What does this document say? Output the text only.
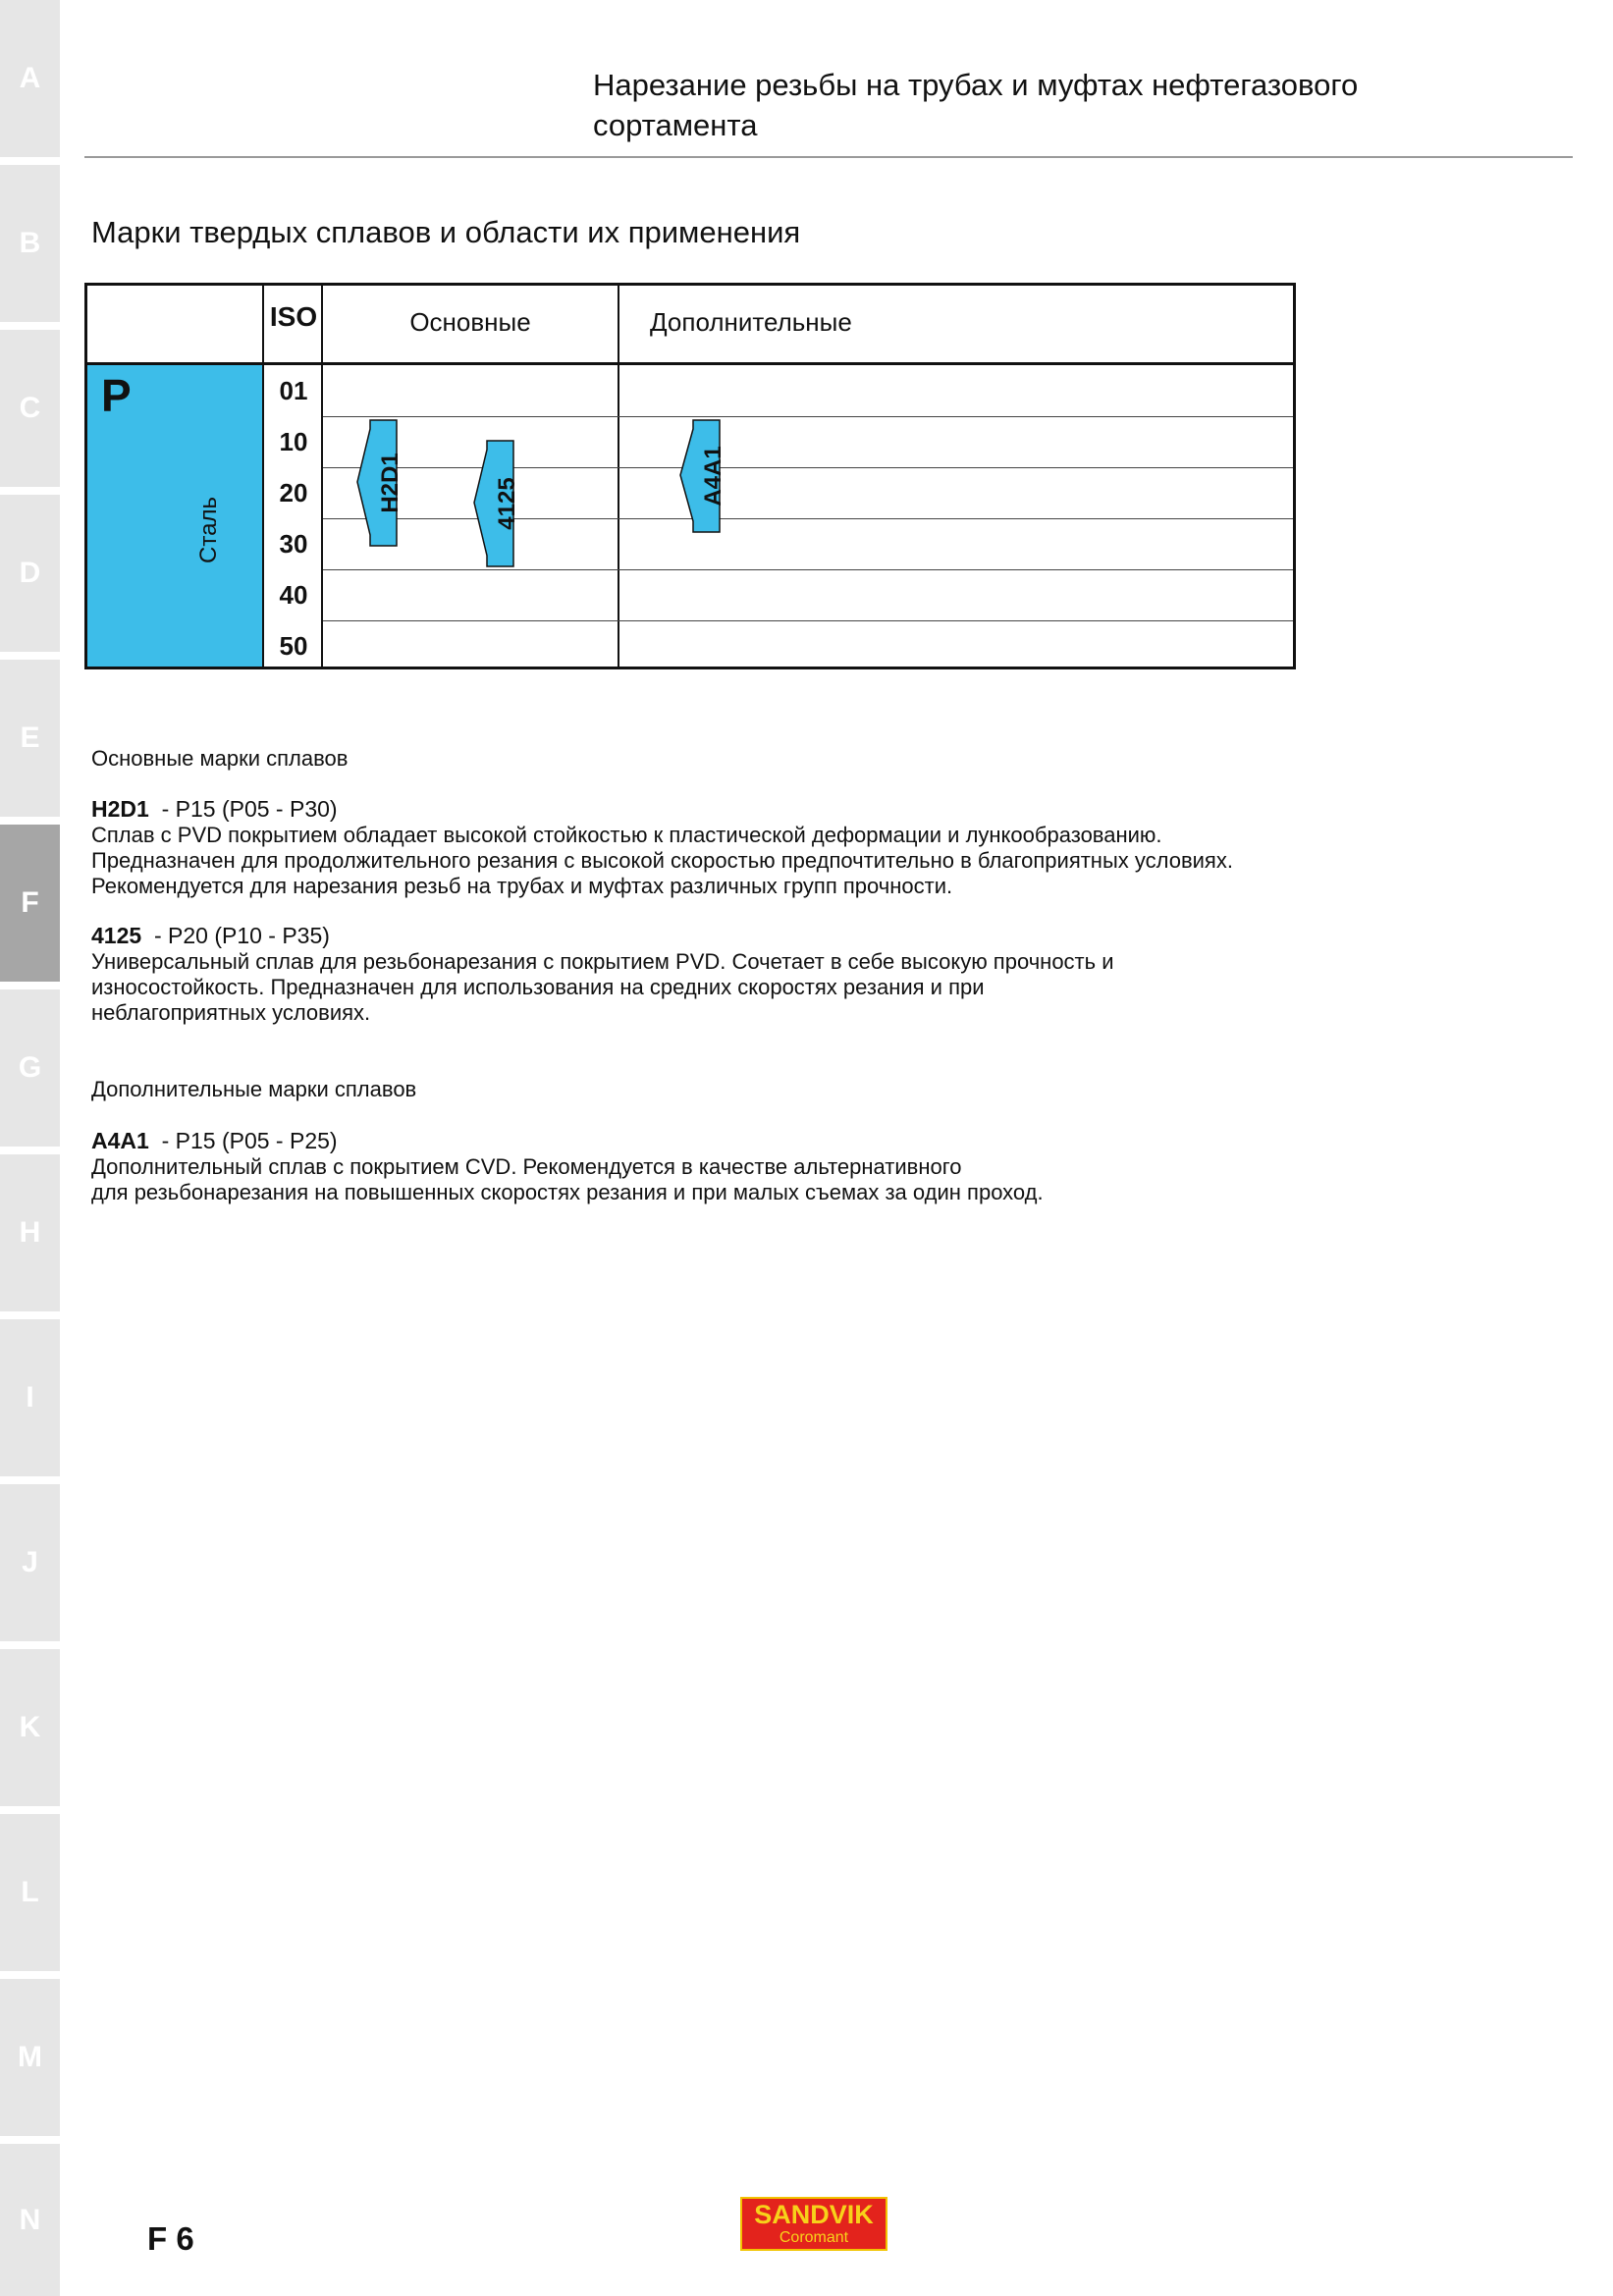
A
B
C
D
E
F
G
H
I
J
K
L
M
N
Нарезание резьбы на трубах и муфтах нефтегазового
сортамента
Марки твердых сплавов и области их применения
P
Сталь
ISO	Основные	Дополнительные
01
10
20
30
40
50
H2D1	4125	A4A1
Основные марки сплавов
H2D1 - P15 (P05 - P30)
Сплав с PVD покрытием обладает высокой стойкостью к пластической деформации и лункообразованию.
Предназначен для продолжительного резания с высокой скоростью предпочтительно в благоприятных условиях.
Рекомендуется для нарезания резьб на трубах и муфтах различных групп прочности.
4125 - P20 (P10 - P35)
Универсальный сплав для резьбонарезания с покрытием PVD. Сочетает в себе высокую прочность и
износостойкость. Предназначен для использования на средних скоростях резания и при
неблагоприятных условиях.
Дополнительные марки сплавов
A4A1 - P15 (P05 - P25)
Дополнительный сплав с покрытием CVD. Рекомендуется в качестве альтернативного
для резьбонарезания на повышенных скоростях резания и при малых съемах за один проход.
F 6
SANDVIK
Coromant
